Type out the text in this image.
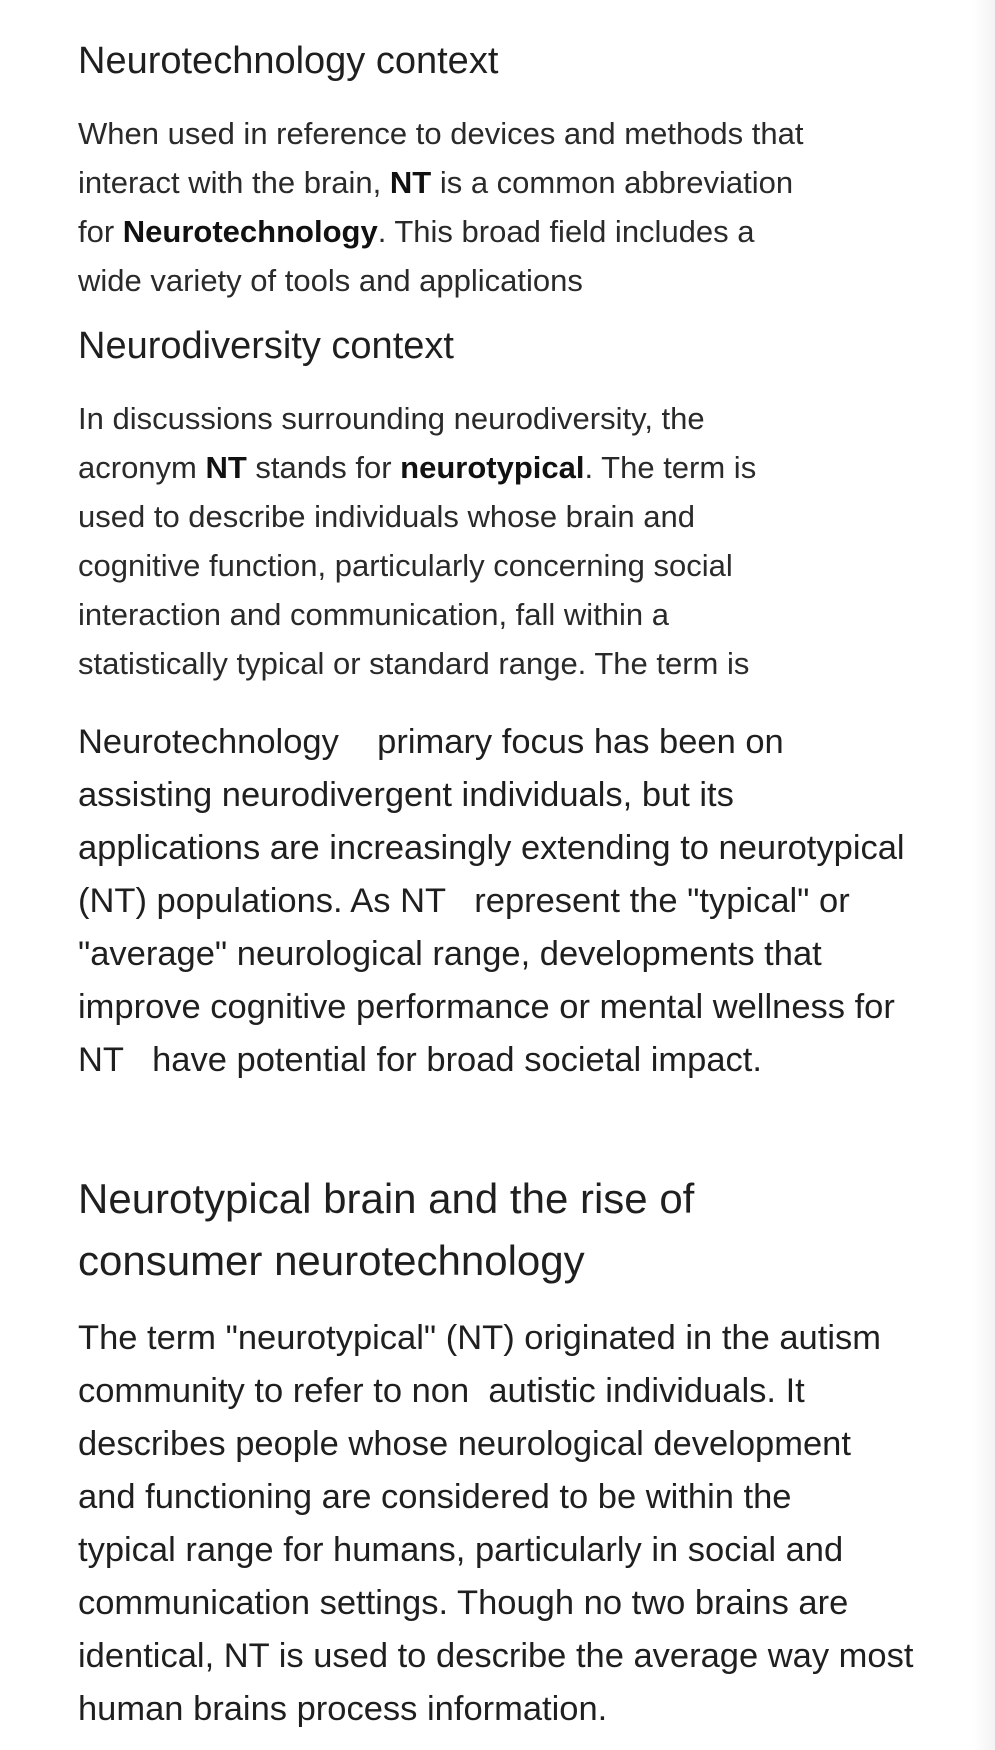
Neurotechnology context

When used in reference to devices and methods that
interact with the brain, NT is a common abbreviation
for Neurotechnology. This broad field includes a
wide variety of tools and applications

Neurodiversity context

In discussions surrounding neurodiversity, the
acronym NT stands for neurotypical. The term is
used to describe individuals whose brain and
cognitive function, particularly concerning social
interaction and communication, fall within a
statistically typical or standard range. The term is

Neurotechnology    primary focus has been on
assisting neurodivergent individuals, but its
applications are increasingly extending to neurotypical
(NT) populations. As NT   represent the "typical" or
"average" neurological range, developments that
improve cognitive performance or mental wellness for
NT   have potential for broad societal impact.

Neurotypical brain and the rise of
consumer neurotechnology

The term "neurotypical" (NT) originated in the autism
community to refer to non  autistic individuals. It
describes people whose neurological development
and functioning are considered to be within the
typical range for humans, particularly in social and
communication settings. Though no two brains are
identical, NT is used to describe the average way most
human brains process information.
